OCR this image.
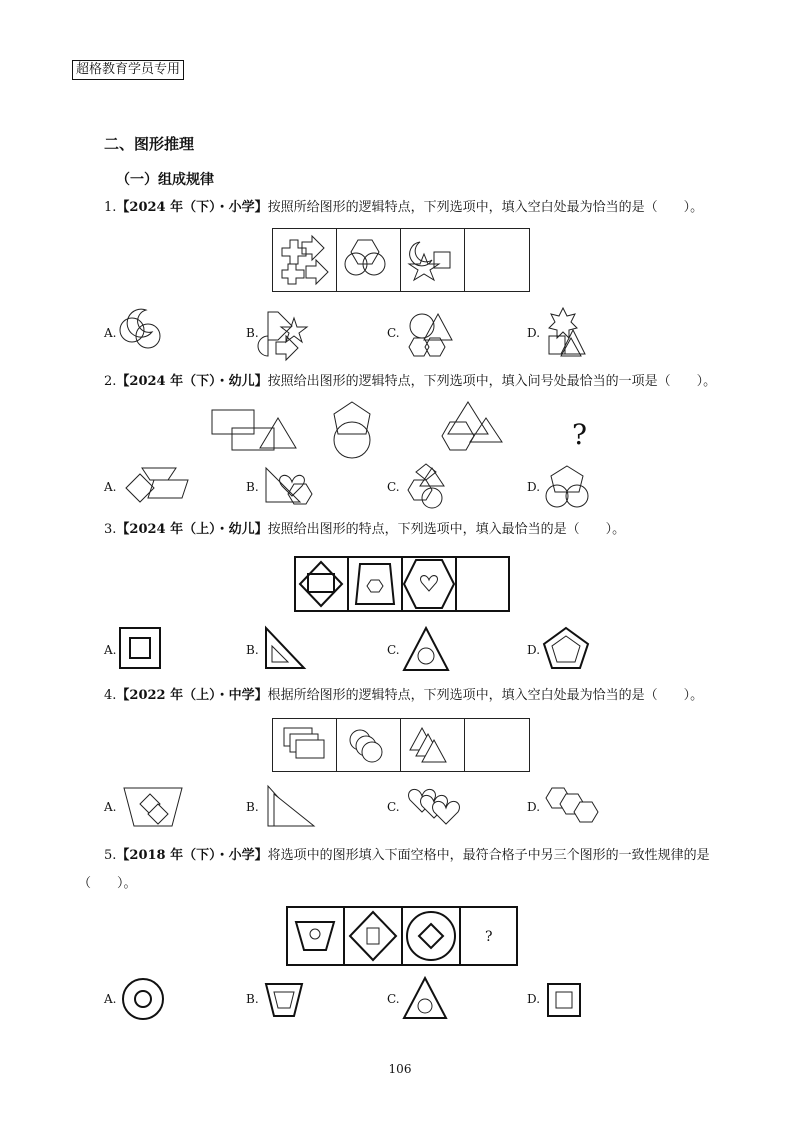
超格教育学员专用
二、图形推理
（一）组成规律
1.【2024 年（下）・小学】按照所给图形的逻辑特点，下列选项中，填入空白处最为恰当的是（　　）。
A.	B.	C.	D.
2.【2024 年（下）・幼儿】按照给出图形的逻辑特点，下列选项中，填入问号处最恰当的一项是（　　）。
?
A.	B.	C.	D.
3.【2024 年（上）・幼儿】按照给出图形的特点，下列选项中，填入最恰当的是（　　）。
A.	B.	C.	D.
4.【2022 年（上）・中学】根据所给图形的逻辑特点，下列选项中，填入空白处最为恰当的是（　　）。
A.	B.	C.	D.
5.【2018 年（下）・小学】将选项中的图形填入下面空格中，最符合格子中另三个图形的一致性规律的是
（　　）。
?
A.	B.	C.	D.
106
